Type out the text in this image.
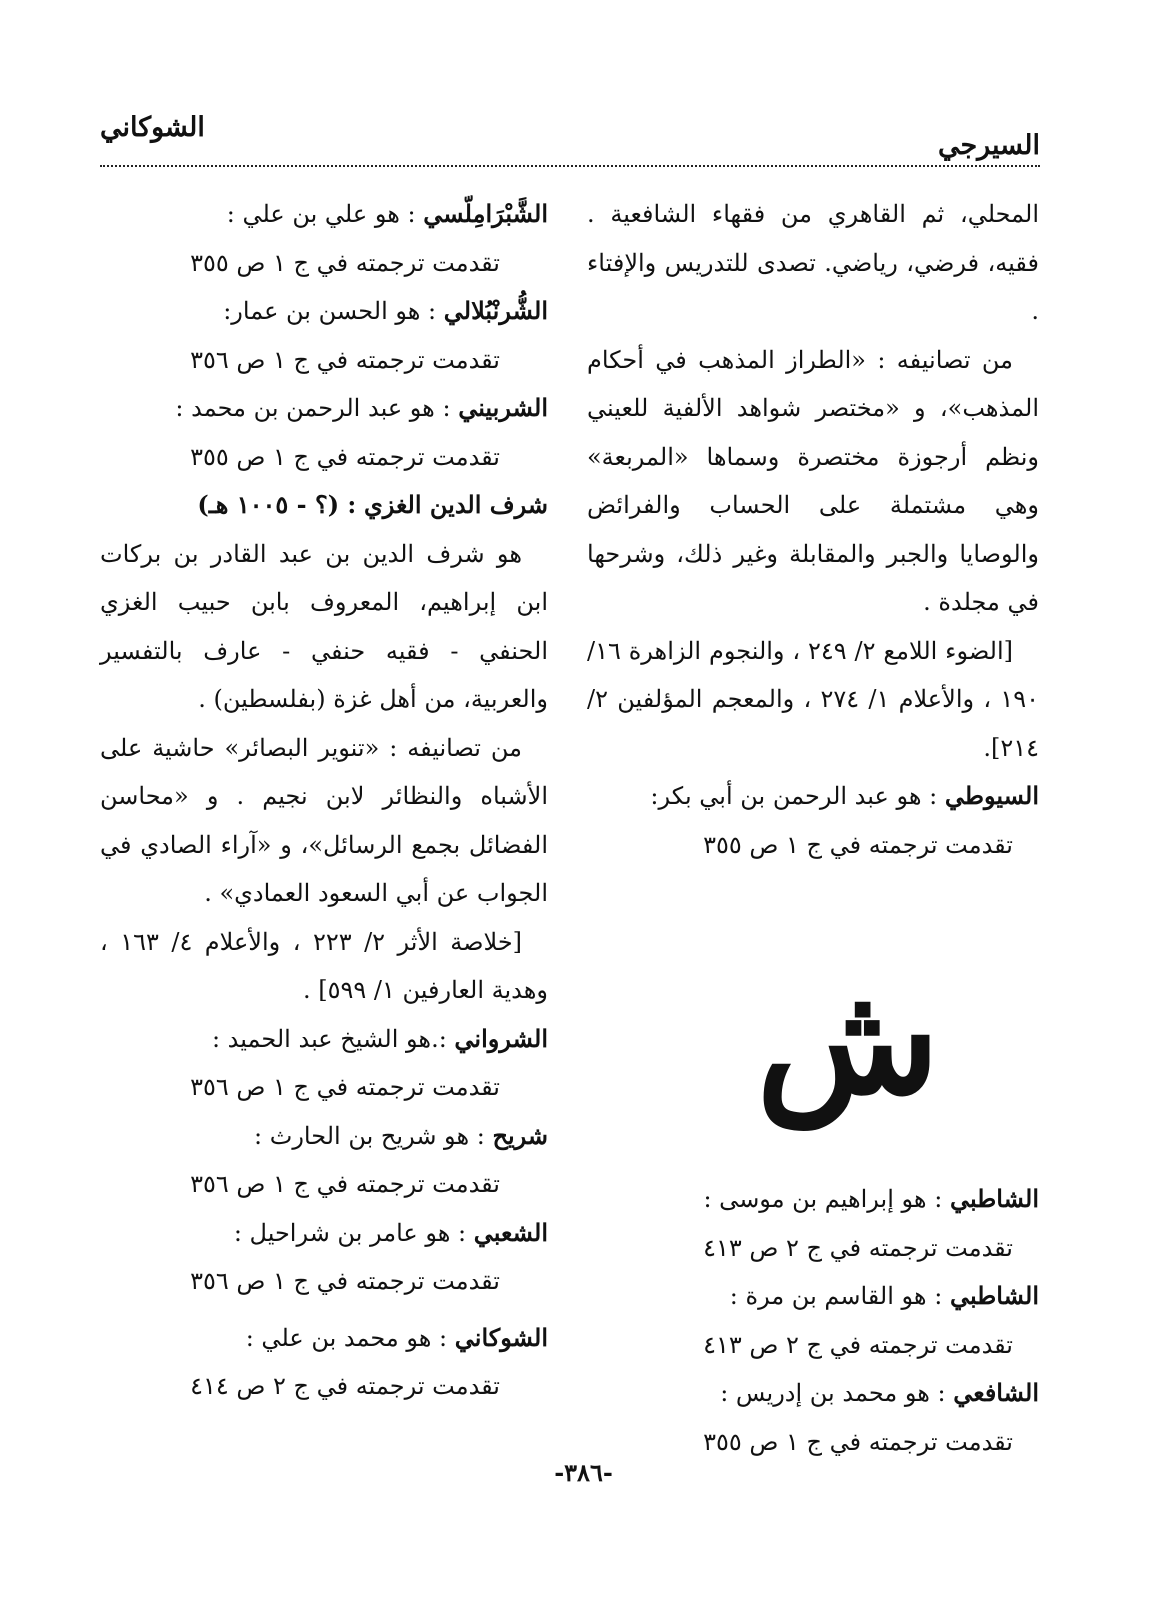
السيرجي
الشوكاني

المحلي، ثم القاهري من فقهاء الشافعية . فقيه، فرضي، رياضي. تصدى للتدريس والإفتاء .

من تصانيفه : «الطراز المذهب في أحكام المذهب»، و «مختصر شواهد الألفية للعيني ونظم أرجوزة مختصرة وسماها «المربعة» وهي مشتملة على الحساب والفرائض والوصايا والجبر والمقابلة وغير ذلك، وشرحها في مجلدة .

[الضوء اللامع ٢/ ٢٤٩ ، والنجوم الزاهرة ١٦/ ١٩٠ ، والأعلام ١/ ٢٧٤ ، والمعجم المؤلفين ٢/ ٢١٤].

السيوطي : هو عبد الرحمن بن أبي بكر:
تقدمت ترجمته في ج ١ ص ٣٥٥
ش
الشاطبي : هو إبراهيم بن موسى :
تقدمت ترجمته في ج ٢ ص ٤١٣
الشاطبي : هو القاسم بن مرة :
تقدمت ترجمته في ج ٢ ص ٤١٣
الشافعي : هو محمد بن إدريس :
تقدمت ترجمته في ج ١ ص ٣٥٥
الشَّبْرَامِلّسي : هو علي بن علي :
تقدمت ترجمته في ج ١ ص ٣٥٥
الشُّرنْبُلالي : هو الحسن بن عمار:
تقدمت ترجمته في ج ١ ص ٣٥٦
الشربيني : هو عبد الرحمن بن محمد :
تقدمت ترجمته في ج ١ ص ٣٥٥
شرف الدين الغزي : (؟ - ١٠٠٥ هـ)

هو شرف الدين بن عبد القادر بن بركات ابن إبراهيم، المعروف بابن حبيب الغزي الحنفي - فقيه حنفي - عارف بالتفسير والعربية، من أهل غزة (بفلسطين) .

من تصانيفه : «تنوير البصائر» حاشية على الأشباه والنظائر لابن نجيم . و «محاسن الفضائل بجمع الرسائل»، و «آراء الصادي في الجواب عن أبي السعود العمادي» .

[خلاصة الأثر ٢/ ٢٢٣ ، والأعلام ٤/ ١٦٣ ، وهدية العارفين ١/ ٥٩٩] .

الشرواني :.هو الشيخ عبد الحميد :
تقدمت ترجمته في ج ١ ص ٣٥٦
شريح : هو شريح بن الحارث :
تقدمت ترجمته في ج ١ ص ٣٥٦
الشعبي : هو عامر بن شراحيل :
تقدمت ترجمته في ج ١ ص ٣٥٦
الشوكاني : هو محمد بن علي :
تقدمت ترجمته في ج ٢ ص ٤١٤
-٣٨٦-
